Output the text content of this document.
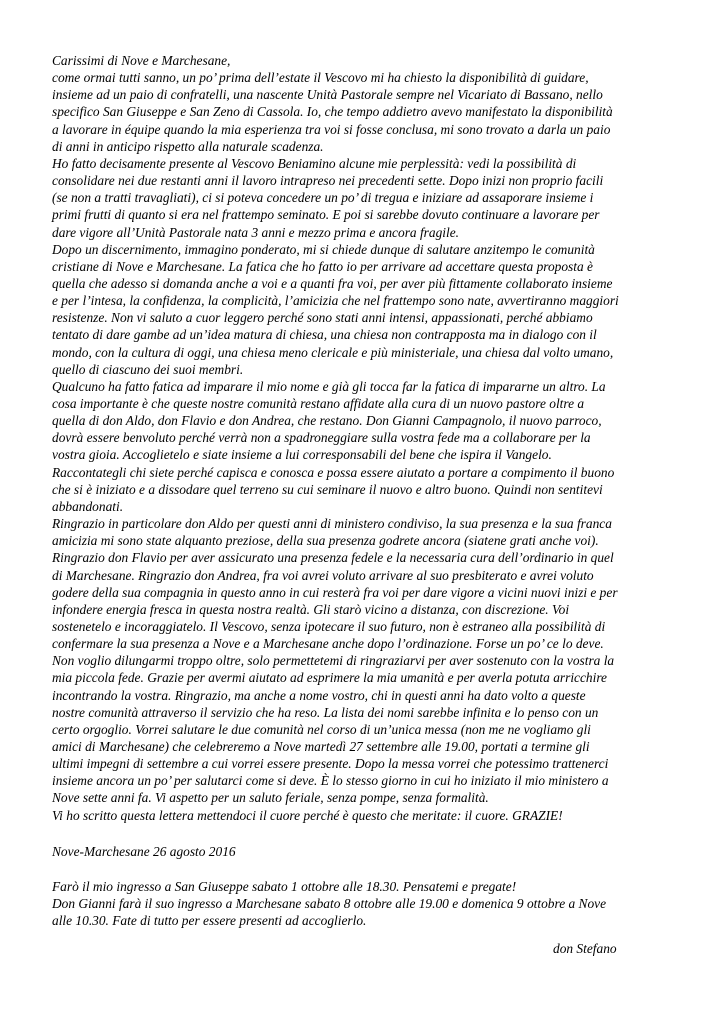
Carissimi di Nove e Marchesane,
come ormai tutti sanno, un po’ prima dell’estate il Vescovo mi ha chiesto la disponibilità di guidare,
insieme ad un paio di confratelli, una nascente Unità Pastorale sempre nel Vicariato di Bassano, nello
specifico San Giuseppe e San Zeno di Cassola. Io, che tempo addietro avevo manifestato la disponibilità
a lavorare in équipe quando la mia esperienza tra voi si fosse conclusa, mi sono trovato a darla un paio
di anni in anticipo rispetto alla naturale scadenza.
Ho fatto decisamente presente al Vescovo Beniamino alcune mie perplessità: vedi la possibilità di
consolidare nei due restanti anni il lavoro intrapreso nei precedenti sette. Dopo inizi non proprio facili
(se non a tratti travagliati), ci si poteva concedere un po’ di tregua e iniziare ad assaporare insieme i
primi frutti di quanto si era nel frattempo seminato. E poi si sarebbe dovuto continuare a lavorare per
dare vigore all’Unità Pastorale nata 3 anni e mezzo prima e ancora fragile.
Dopo un discernimento, immagino ponderato, mi si chiede dunque di salutare anzitempo le comunità
cristiane di Nove e Marchesane. La fatica che ho fatto io per arrivare ad accettare questa proposta è
quella che adesso si domanda anche a voi e a quanti fra voi, per aver più fittamente collaborato insieme
e per l’intesa, la confidenza, la complicità, l’amicizia che nel frattempo sono nate, avvertiranno maggiori
resistenze. Non vi saluto a cuor leggero perché sono stati anni intensi, appassionati, perché abbiamo
tentato di dare gambe ad un’idea matura di chiesa, una chiesa non contrapposta ma in dialogo con il
mondo, con la cultura di oggi, una chiesa meno clericale e più ministeriale, una chiesa dal volto umano,
quello di ciascuno dei suoi membri.
Qualcuno ha fatto fatica ad imparare il mio nome e già gli tocca far la fatica di impararne un altro. La
cosa importante è che queste nostre comunità restano affidate alla cura di un nuovo pastore oltre a
quella di don Aldo, don Flavio e don Andrea, che restano. Don Gianni Campagnolo, il nuovo parroco,
dovrà essere benvoluto perché verrà non a spadroneggiare sulla vostra fede ma a collaborare per la
vostra gioia. Accoglietelo e siate insieme a lui corresponsabili del bene che ispira il Vangelo.
Raccontategli chi siete perché capisca e conosca e possa essere aiutato a portare a compimento il buono
che si è iniziato e a dissodare quel terreno su cui seminare il nuovo e altro buono. Quindi non sentitevi
abbandonati.
Ringrazio in particolare don Aldo per questi anni di ministero condiviso, la sua presenza e la sua franca
amicizia mi sono state alquanto preziose, della sua presenza godrete ancora (siatene grati anche voi).
Ringrazio don Flavio per aver assicurato una presenza fedele e la necessaria cura dell’ordinario in quel
di Marchesane. Ringrazio don Andrea, fra voi avrei voluto arrivare al suo presbiterato e avrei voluto
godere della sua compagnia in questo anno in cui resterà fra voi per dare vigore a vicini nuovi inizi e per
infondere energia fresca in questa nostra realtà. Gli starò vicino a distanza, con discrezione. Voi
sostenetelo e incoraggiatelo. Il Vescovo, senza ipotecare il suo futuro, non è estraneo alla possibilità di
confermare la sua presenza a Nove e a Marchesane anche dopo l’ordinazione. Forse un po’ ce lo deve.
Non voglio dilungarmi troppo oltre, solo permettetemi di ringraziarvi per aver sostenuto con la vostra la
mia piccola fede. Grazie per avermi aiutato ad esprimere la mia umanità e per averla potuta arricchire
incontrando la vostra. Ringrazio, ma anche a nome vostro, chi in questi anni ha dato volto a queste
nostre comunità attraverso il servizio che ha reso. La lista dei nomi sarebbe infinita e lo penso con un
certo orgoglio. Vorrei salutare le due comunità nel corso di un’unica messa (non me ne vogliamo gli
amici di Marchesane) che celebreremo a Nove martedì 27 settembre alle 19.00, portati a termine gli
ultimi impegni di settembre a cui vorrei essere presente. Dopo la messa vorrei che potessimo trattenerci
insieme ancora un po’ per salutarci come si deve. È lo stesso giorno in cui ho iniziato il mio ministero a
Nove sette anni fa. Vi aspetto per un saluto feriale, senza pompe, senza formalità.
Vi ho scritto questa lettera mettendoci il cuore perché è questo che meritate: il cuore. GRAZIE!
Nove-Marchesane 26 agosto 2016
Farò il mio ingresso a San Giuseppe sabato 1 ottobre alle 18.30. Pensatemi e pregate!
Don Gianni farà il suo ingresso a Marchesane sabato 8 ottobre alle 19.00 e domenica 9 ottobre a Nove
alle 10.30. Fate di tutto per essere presenti ad accoglierlo.
don Stefano
